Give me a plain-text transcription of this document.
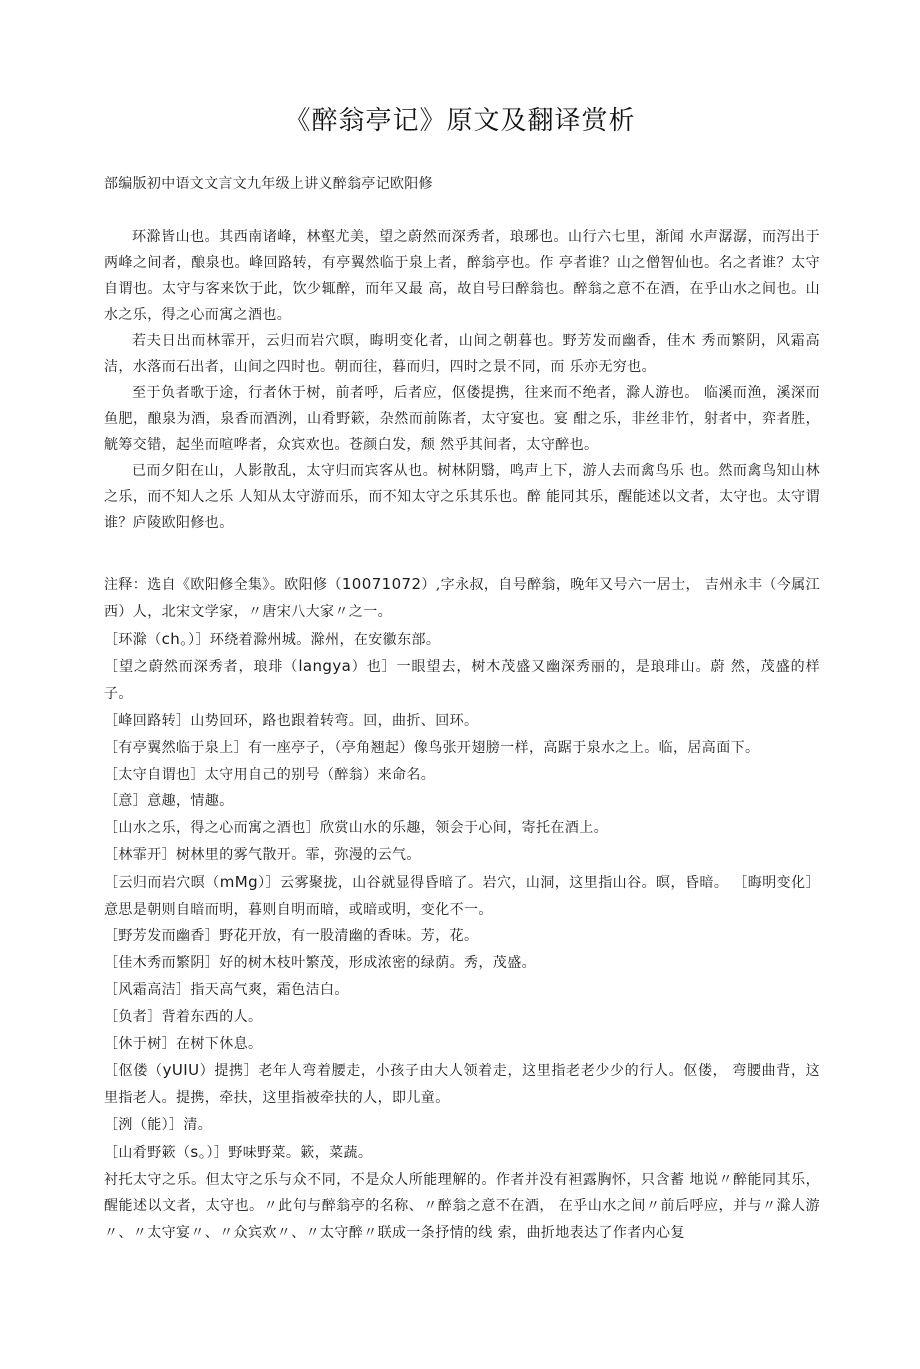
《醉翁亭记》原文及翻译赏析
部编版初中语文文言文九年级上讲义醉翁亭记欧阳修

环滁皆山也。其西南诸峰，林壑尤美，望之蔚然而深秀者，琅琊也。山行六七里，渐闻 水声潺潺，而泻出于两峰之间者，酿泉也。峰回路转，有亭翼然临于泉上者，醉翁亭也。作 亭者谁？山之僧智仙也。名之者谁？太守自谓也。太守与客来饮于此，饮少辄醉，而年又最 高，故自号曰醉翁也。醉翁之意不在酒，在乎山水之间也。山水之乐，得之心而寓之酒也。

若夫日出而林霏开，云归而岩穴暝，晦明变化者，山间之朝暮也。野芳发而幽香，佳木 秀而繁阴，风霜高洁，水落而石出者，山间之四时也。朝而往，暮而归，四时之景不同，而 乐亦无穷也。

至于负者歌于途，行者休于树，前者呼，后者应，伛偻提携，往来而不绝者，滁人游也。 临溪而渔，溪深而鱼肥，酿泉为酒，泉香而酒洌，山肴野簌，杂然而前陈者，太守宴也。宴 酣之乐，非丝非竹，射者中，弈者胜，觥筹交错，起坐而喧哗者，众宾欢也。苍颜白发，颓 然乎其间者，太守醉也。

已而夕阳在山，人影散乱，太守归而宾客从也。树林阴翳，鸣声上下，游人去而禽鸟乐 也。然而禽鸟知山林之乐，而不知人之乐 人知从太守游而乐，而不知太守之乐其乐也。醉 能同其乐，醒能述以文者，太守也。太守谓谁？庐陵欧阳修也。

注释：选自《欧阳修全集》。欧阳修（10071072）,字永叔，自号醉翁，晚年又号六一居士， 吉州永丰（今属江西）人，北宋文学家，〃唐宋八大家〃之一。

［环滁（ch。）］环绕着滁州城。滁州，在安徽东部。

［望之蔚然而深秀者，琅琲（langya）也］一眼望去，树木茂盛又幽深秀丽的，是琅琲山。蔚 然，茂盛的样子。

［峰回路转］山势回环，路也跟着转弯。回，曲折、回环。

［有亭翼然临于泉上］有一座亭子，（亭角翘起）像鸟张开翅膀一样，高踞于泉水之上。临，居高面下。

［太守自谓也］太守用自己的别号（醉翁）来命名。

［意］意趣，情趣。

［山水之乐，得之心而寓之酒也］欣赏山水的乐趣，领会于心间，寄托在酒上。

［林霏开］树林里的雾气散开。霏，弥漫的云气。

［云归而岩穴暝（mMg）］云雾聚拢，山谷就显得昏暗了。岩穴，山洞，这里指山谷。暝，昏暗。 ［晦明变化］意思是朝则自暗而明，暮则自明而暗，或暗或明，变化不一。

［野芳发而幽香］野花开放，有一股清幽的香味。芳，花。

［佳木秀而繁阴］好的树木枝叶繁茂，形成浓密的绿荫。秀，茂盛。

［风霜高洁］指天高气爽，霜色洁白。

［负者］背着东西的人。

［休于树］在树下休息。

［伛偻（yUIU）提携］老年人弯着腰走，小孩子由大人领着走，这里指老老少少的行人。伛偻， 弯腰曲背，这里指老人。提携，牵扶，这里指被牵扶的人，即儿童。

［洌（能）］清。

［山肴野簌（s。）］野味野菜。簌，菜蔬。

衬托太守之乐。但太守之乐与众不同，不是众人所能理解的。作者并没有袒露胸怀，只含蓄 地说〃醉能同其乐，醒能述以文者，太守也。〃此句与醉翁亭的名称、〃醉翁之意不在酒， 在乎山水之间〃前后呼应，并与〃滁人游〃、〃太守宴〃、〃众宾欢〃、〃太守醉〃联成一条抒情的线 索，曲折地表达了作者内心复
